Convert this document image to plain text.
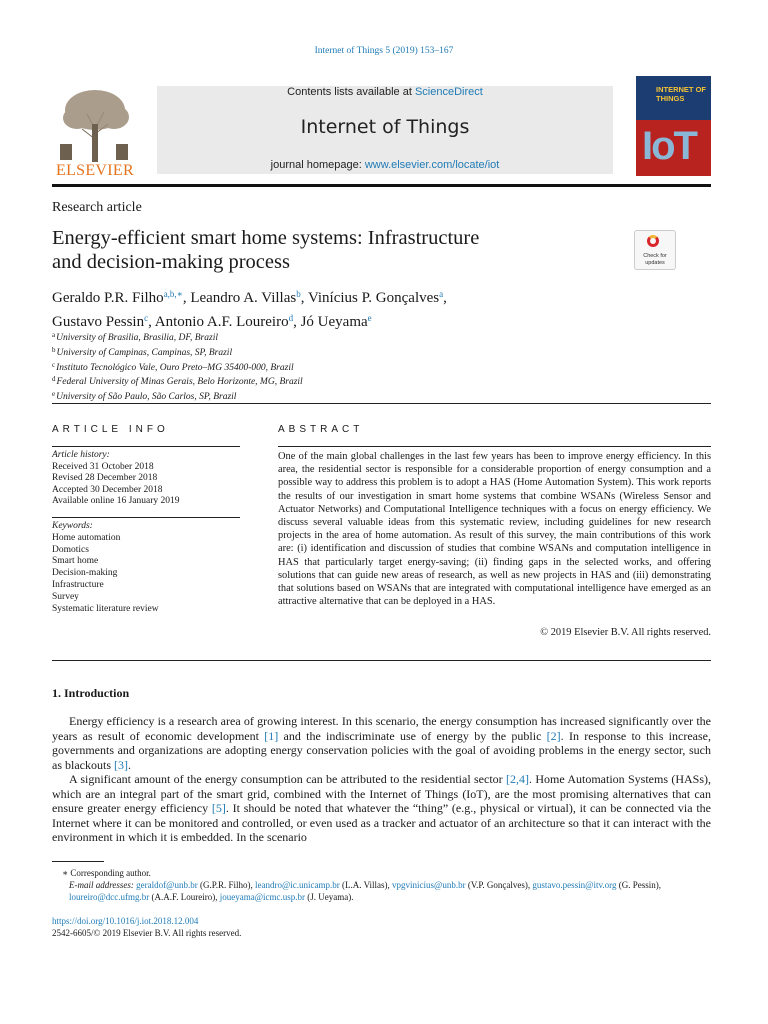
Internet of Things 5 (2019) 153–167
ELSEVIER
Contents lists available at ScienceDirect
Internet of Things
journal homepage: www.elsevier.com/locate/iot
INTERNET OF THINGS
IoT
Research article
Energy-efficient smart home systems: Infrastructure
and decision-making process	Check for updates
Geraldo P.R. Filho$^{a,b,∗}$, Leandro A. Villas$^b$, Vinícius P. Gonçalves$^a$,
Gustavo Pessin$^c$, Antonio A.F. Loureiro$^d$, Jó Ueyama$^e$
$^a$University of Brasilia, Brasilia, DF, Brazil
$^b$University of Campinas, Campinas, SP, Brazil
$^c$Instituto Tecnológico Vale, Ouro Preto–MG 35400-000, Brazil
$^d$Federal University of Minas Gerais, Belo Horizonte, MG, Brazil
$^e$University of São Paulo, São Carlos, SP, Brazil
ARTICLE INFO
Article history:
Received 31 October 2018
Revised 28 December 2018
Accepted 30 December 2018
Available online 16 January 2019
Keywords:
Home automation
Domotics
Smart home
Decision-making
Infrastructure
Survey
Systematic literature review
ABSTRACT
One of the main global challenges in the last few years has been to improve energy efficiency. In this area, the residential sector is responsible for a considerable proportion of energy consumption and a possible way to address this problem is to adopt a HAS (Home Automation System). This work reports the results of our investigation in smart home systems that combine WSANs (Wireless Sensor and Actuator Networks) and Computational Intelligence techniques with a focus on energy efficiency. We discuss several valuable ideas from this systematic review, including guidelines for new research projects in the area of home automation. As result of this survey, the main contributions of this work are: (i) identification and discussion of studies that combine WSANs and computation intelligence in HAS that particularly target energy-saving; (ii) finding gaps in the selected works, and offering solutions that can guide new areas of research, as well as new projects in HAS and (iii) demonstrating that solutions based on WSANs that are integrated with computational intelligence have emerged as an attractive alternative that can be deployed in a HAS.
© 2019 Elsevier B.V. All rights reserved.
1. Introduction

Energy efficiency is a research area of growing interest. In this scenario, the energy consumption has increased significantly over the years as result of economic development [1] and the indiscriminate use of energy by the public [2]. In response to this increase, governments and organizations are adopting energy conservation policies with the goal of avoiding problems in the energy sector, such as blackouts [3].

A significant amount of the energy consumption can be attributed to the residential sector [2,4]. Home Automation Systems (HASs), which are an integral part of the smart grid, combined with the Internet of Things (IoT), are the most promising alternatives that can ensure greater energy efficiency [5]. It should be noted that whatever the “thing” (e.g., physical or virtual), it can be connected via the Internet where it can be monitored and controlled, or even used as a tracker and actuator of an architecture so that it can interact with the environment in which it is embedded. In the scenario

∗ Corresponding author.
E-mail addresses: geraldof@unb.br (G.P.R. Filho), leandro@ic.unicamp.br (L.A. Villas), vpgvinicius@unb.br (V.P. Gonçalves), gustavo.pessin@itv.org (G. Pessin), loureiro@dcc.ufmg.br (A.A.F. Loureiro), joueyama@icmc.usp.br (J. Ueyama).
https://doi.org/10.1016/j.iot.2018.12.004
2542-6605/© 2019 Elsevier B.V. All rights reserved.
